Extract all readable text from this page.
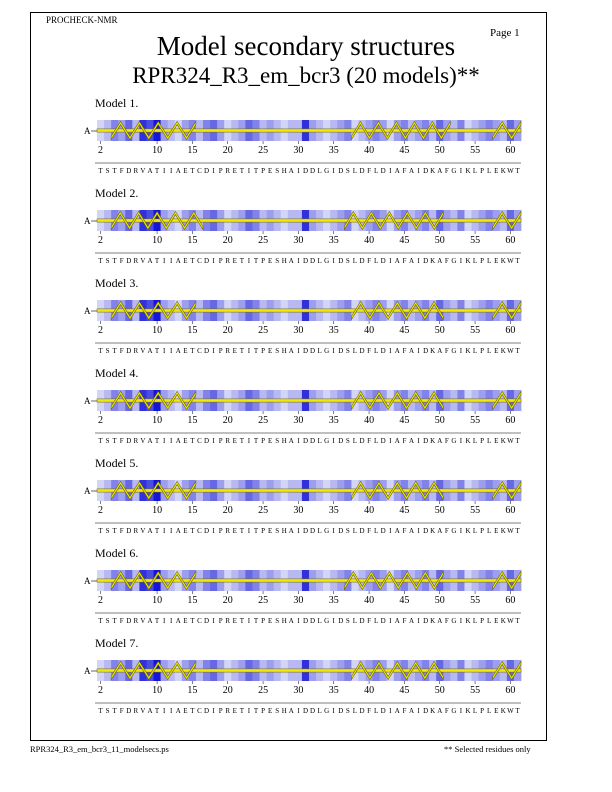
PROCHECK-NMR
Page 1
Model secondary structures
RPR324_R3_em_bcr3 (20 models)**
Model 1.
A
2	10	15	20	25	30	35	40	45	50	55	60
T S T F D R V A T I I A E T C D I P R E T I T P E S H A I D D L G I D S L D F L D I A F A I D K A F G I K L P L E K W T
Model 2.
A
2	10	15	20	25	30	35	40	45	50	55	60
T S T F D R V A T I I A E T C D I P R E T I T P E S H A I D D L G I D S L D F L D I A F A I D K A F G I K L P L E K W T
Model 3.
A
2	10	15	20	25	30	35	40	45	50	55	60
T S T F D R V A T I I A E T C D I P R E T I T P E S H A I D D L G I D S L D F L D I A F A I D K A F G I K L P L E K W T
Model 4.
A
2	10	15	20	25	30	35	40	45	50	55	60
T S T F D R V A T I I A E T C D I P R E T I T P E S H A I D D L G I D S L D F L D I A F A I D K A F G I K L P L E K W T
Model 5.
A
2	10	15	20	25	30	35	40	45	50	55	60
T S T F D R V A T I I A E T C D I P R E T I T P E S H A I D D L G I D S L D F L D I A F A I D K A F G I K L P L E K W T
Model 6.
A
2	10	15	20	25	30	35	40	45	50	55	60
T S T F D R V A T I I A E T C D I P R E T I T P E S H A I D D L G I D S L D F L D I A F A I D K A F G I K L P L E K W T
Model 7.
A
2	10	15	20	25	30	35	40	45	50	55	60
T S T F D R V A T I I A E T C D I P R E T I T P E S H A I D D L G I D S L D F L D I A F A I D K A F G I K L P L E K W T
RPR324_R3_em_bcr3_11_modelsecs.ps	** Selected residues only
